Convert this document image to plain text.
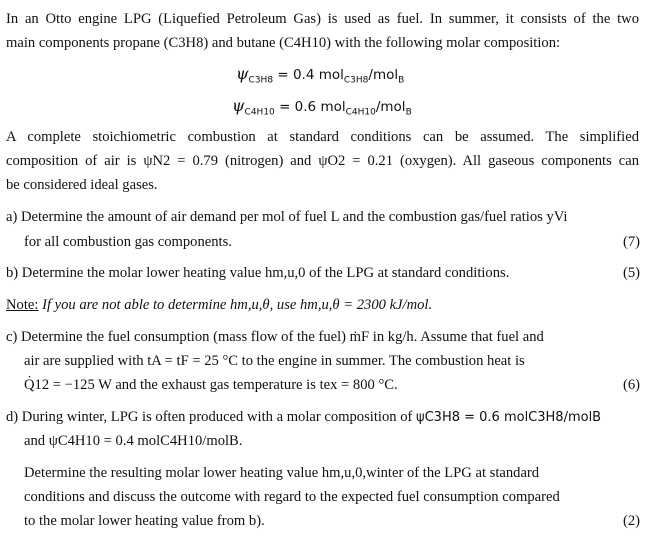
In an Otto engine LPG (Liquefied Petroleum Gas) is used as fuel. In summer, it consists of the two
main components propane (C3H8) and butane (C4H10) with the following molar composition:
$\psi_{C3H8} = 0.4$ mol$_{C3H8}$/mol$_B$
$\psi_{C4H10} = 0.6$ mol$_{C4H10}$/mol$_B$
A complete stoichiometric combustion at standard conditions can be assumed. The simplified
composition of air is ψN2 = 0.79 (nitrogen) and ψO2 = 0.21 (oxygen). All gaseous components can
be considered ideal gases.
a) Determine the amount of air demand per mol of fuel L and the combustion gas/fuel ratios yVi
for all combustion gas components.	(7)
b) Determine the molar lower heating value hm,u,0 of the LPG at standard conditions.	(5)
Note: If you are not able to determine hm,u,θ, use hm,u,θ = 2300 kJ/mol.
c) Determine the fuel consumption (mass flow of the fuel) ṁF in kg/h. Assume that fuel and
air are supplied with tA = tF = 25 °C to the engine in summer. The combustion heat is
Q̇12 = −125 W and the exhaust gas temperature is tex = 800 °C.	(6)
d) During winter, LPG is often produced with a molar composition of ψC3H8 = 0.6 molC3H8/molB
and ψC4H10 = 0.4 molC4H10/molB.
Determine the resulting molar lower heating value hm,u,0,winter of the LPG at standard
conditions and discuss the outcome with regard to the expected fuel consumption compared
to the molar lower heating value from b).	(2)
